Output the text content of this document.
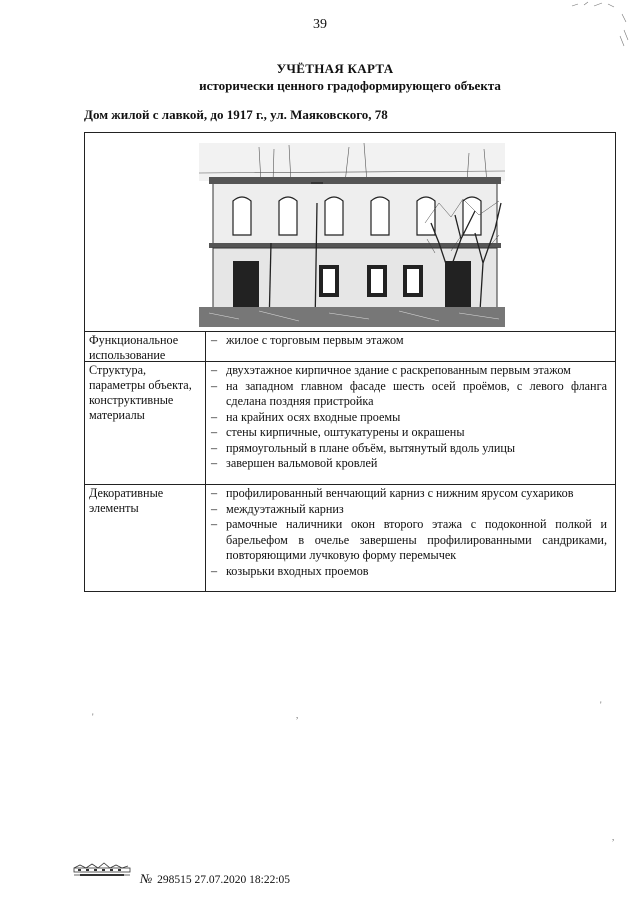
39
УЧЁТНАЯ КАРТА
исторически ценного градоформирующего объекта
Дом жилой с лавкой, до 1917 г., ул. Маяковского, 78
Функциональное использование
– жилое с торговым первым этажом
Структура, параметры объекта, конструктивные материалы
– двухэтажное кирпичное здание с раскрепованным первым этажом
– на западном главном фасаде шесть осей проёмов, с левого фланга сделана поздняя пристройка
– на крайних осях входные проемы
– стены кирпичные, оштукатурены и окрашены
– прямоугольный в плане объём, вытянутый вдоль улицы
– завершен вальмовой кровлей
Декоративные элементы
– профилированный венчающий карниз с нижним ярусом сухариков
– междуэтажный карниз
– рамочные наличники окон второго этажа с подоконной полкой и барельефом в очелье завершены профилированными сандриками, повторяющими лучковую форму перемычек
– козырьки входных проемов
'	,
'
,
№ 298515 27.07.2020 18:22:05
